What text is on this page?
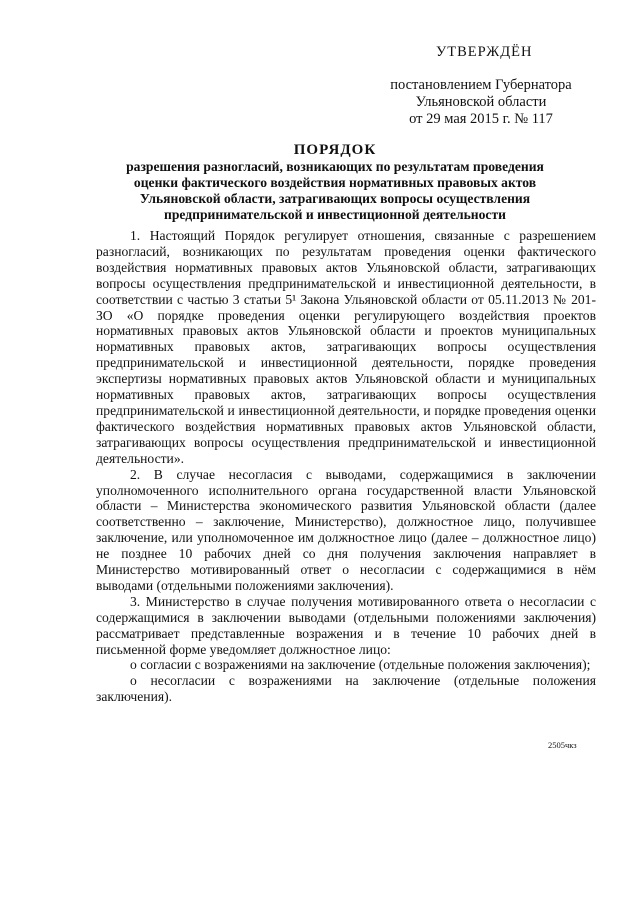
УТВЕРЖДЁН
постановлением Губернатора
Ульяновской области
от 29 мая 2015 г. № 117
ПОРЯДОК
разрешения разногласий, возникающих по результатам проведения
оценки фактического воздействия нормативных правовых актов
Ульяновской области, затрагивающих вопросы осуществления
предпринимательской и инвестиционной деятельности

1. Настоящий Порядок регулирует отношения, связанные с разрешением разногласий, возникающих по результатам проведения оценки фактического воздействия нормативных правовых актов Ульяновской области, затрагивающих вопросы осуществления предпринимательской и инвестиционной деятельности, в соответствии с частью 3 статьи 5¹ Закона Ульяновской области от 05.11.2013 № 201-ЗО «О порядке проведения оценки регулирующего воздействия проектов нормативных правовых актов Ульяновской области и проектов муниципальных нормативных правовых актов, затрагивающих вопросы осуществления предпринимательской и инвестиционной деятельности, порядке проведения экспертизы нормативных правовых актов Ульяновской области и муниципальных нормативных правовых актов, затрагивающих вопросы осуществления предпринимательской и инвестиционной деятельности, и порядке проведения оценки фактического воздействия нормативных правовых актов Ульяновской области, затрагивающих вопросы осуществления предпринимательской и инвестиционной деятельности».

2. В случае несогласия с выводами, содержащимися в заключении уполномоченного исполнительного органа государственной власти Ульяновской области – Министерства экономического развития Ульяновской области (далее соответственно – заключение, Министерство), должностное лицо, получившее заключение, или уполномоченное им должностное лицо (далее – должностное лицо) не позднее 10 рабочих дней со дня получения заключения направляет в Министерство мотивированный ответ о несогласии с содержащимися в нём выводами (отдельными положениями заключения).

3. Министерство в случае получения мотивированного ответа о несогласии с содержащимися в заключении выводами (отдельными положениями заключения) рассматривает представленные возражения и в течение 10 рабочих дней в письменной форме уведомляет должностное лицо:

о согласии с возражениями на заключение (отдельные положения заключения);

о несогласии с возражениями на заключение (отдельные положения заключения).

2505чкз
